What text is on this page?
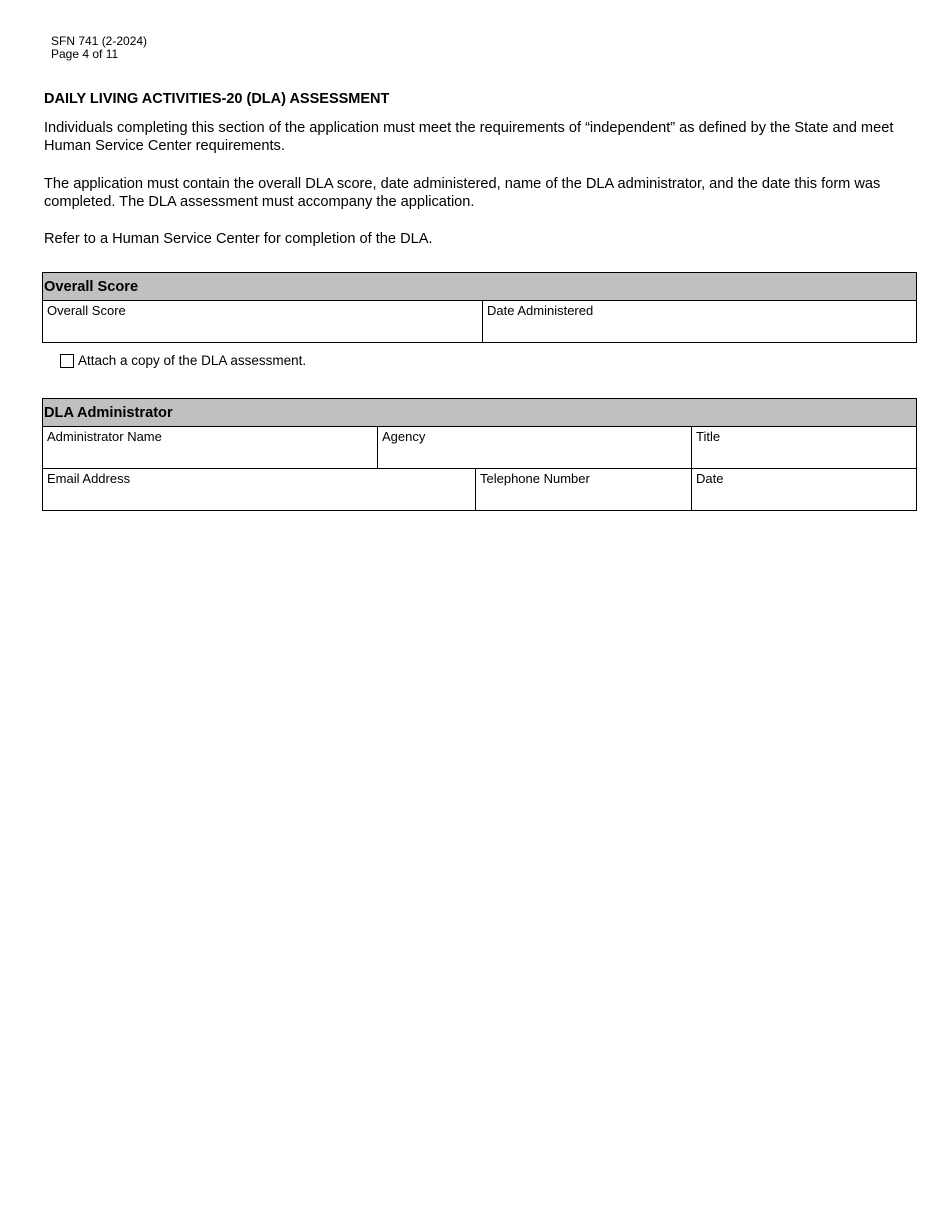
SFN 741 (2-2024)
Page 4 of 11
DAILY LIVING ACTIVITIES-20 (DLA) ASSESSMENT
Individuals completing this section of the application must meet the requirements of “independent” as defined by the State and meet Human Service Center requirements.
The application must contain the overall DLA score, date administered, name of the DLA administrator, and the date this form was completed. The DLA assessment must accompany the application.
Refer to a Human Service Center for completion of the DLA.
Overall Score
Overall Score	Date Administered
Attach a copy of the DLA assessment.
DLA Administrator			
Administrator Name	Agency		Title
Email Address		Telephone Number	Date
